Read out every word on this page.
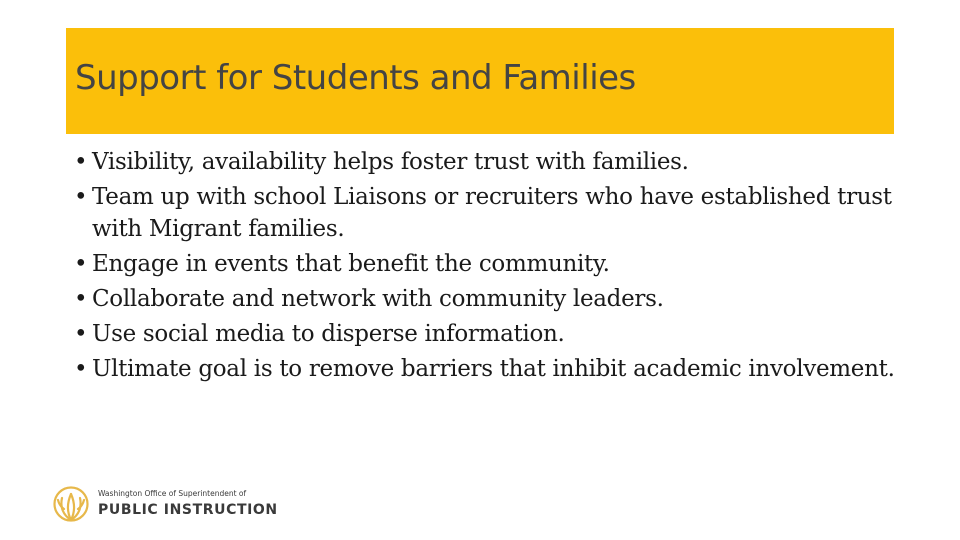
Support for Students and Families
• Visibility, availability helps foster trust with families.
• Team up with school Liaisons or recruiters who have established trust with Migrant families.
• Engage in events that benefit the community.
• Collaborate and network with community leaders.
• Use social media to disperse information.
• Ultimate goal is to remove barriers that inhibit academic involvement.
Washington Office of Superintendent of
PUBLIC INSTRUCTION
